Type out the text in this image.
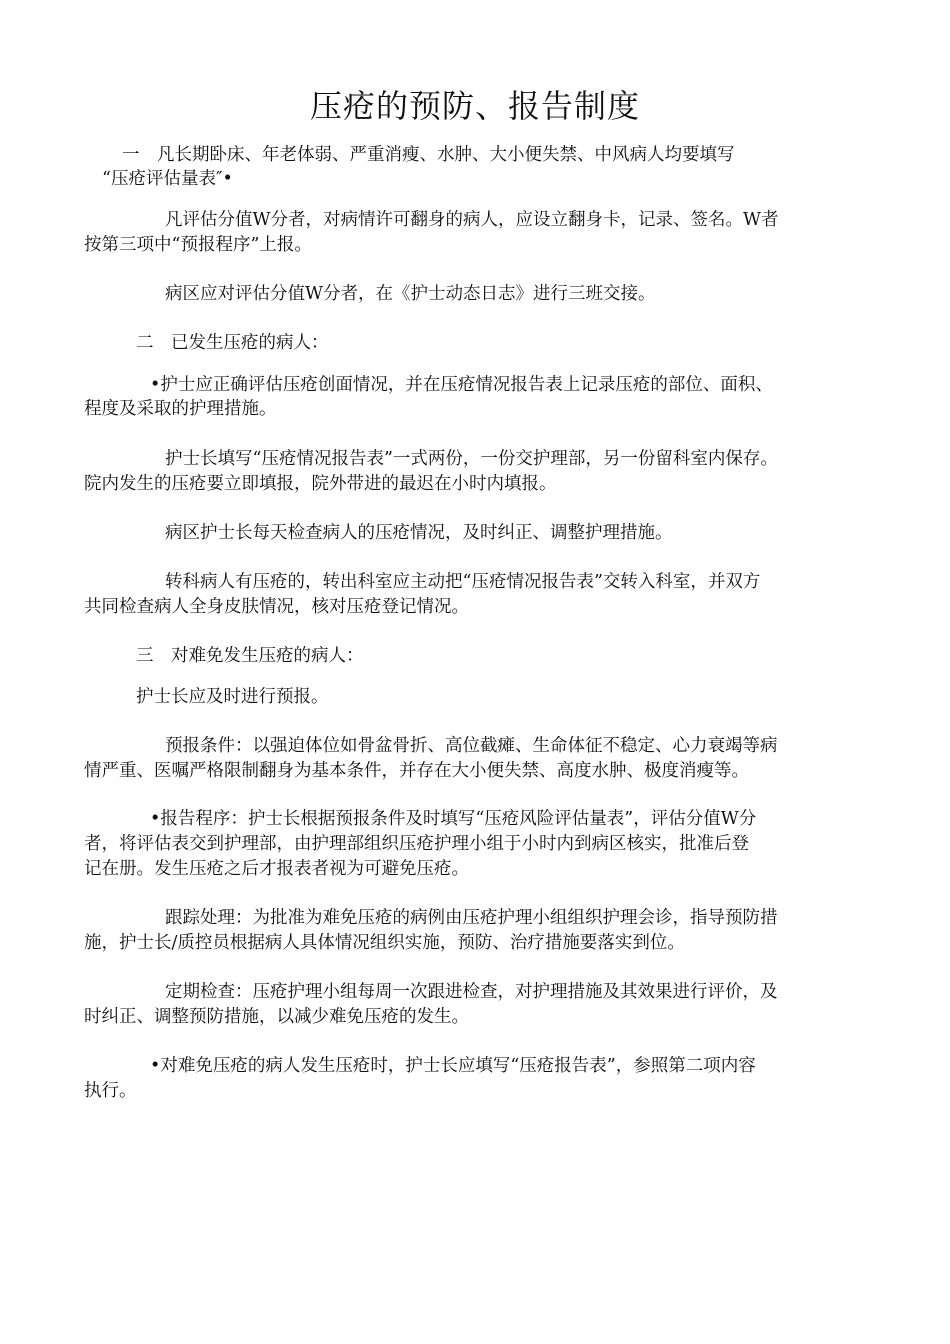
压疮的预防、报告制度
一　凡长期卧床、年老体弱、严重消瘦、水肿、大小便失禁、中风病人均要填写
“压疮评估量表″•
凡评估分值W分者，对病情许可翻身的病人，应设立翻身卡，记录、签名。W者
按第三项中“预报程序”上报。
病区应对评估分值W分者，在《护士动态日志》进行三班交接。
二　已发生压疮的病人：
•护士应正确评估压疮创面情况，并在压疮情况报告表上记录压疮的部位、面积、
程度及采取的护理措施。
护士长填写“压疮情况报告表”一式两份，一份交护理部，另一份留科室内保存。
院内发生的压疮要立即填报，院外带进的最迟在小时内填报。
病区护士长每天检查病人的压疮情况，及时纠正、调整护理措施。
转科病人有压疮的，转出科室应主动把“压疮情况报告表”交转入科室，并双方
共同检查病人全身皮肤情况，核对压疮登记情况。
三　对难免发生压疮的病人：
护士长应及时进行预报。
预报条件：以强迫体位如骨盆骨折、高位截瘫、生命体征不稳定、心力衰竭等病
情严重、医嘱严格限制翻身为基本条件，并存在大小便失禁、高度水肿、极度消瘦等。
•报告程序：护士长根据预报条件及时填写“压疮风险评估量表”，评估分值W分
者，将评估表交到护理部，由护理部组织压疮护理小组于小时内到病区核实，批准后登
记在册。发生压疮之后才报表者视为可避免压疮。
跟踪处理：为批准为难免压疮的病例由压疮护理小组组织护理会诊，指导预防措
施，护士长/质控员根据病人具体情况组织实施，预防、治疗措施要落实到位。
定期检查：压疮护理小组每周一次跟进检查，对护理措施及其效果进行评价，及
时纠正、调整预防措施，以减少难免压疮的发生。
•对难免压疮的病人发生压疮时，护士长应填写“压疮报告表”，参照第二项内容
执行。
